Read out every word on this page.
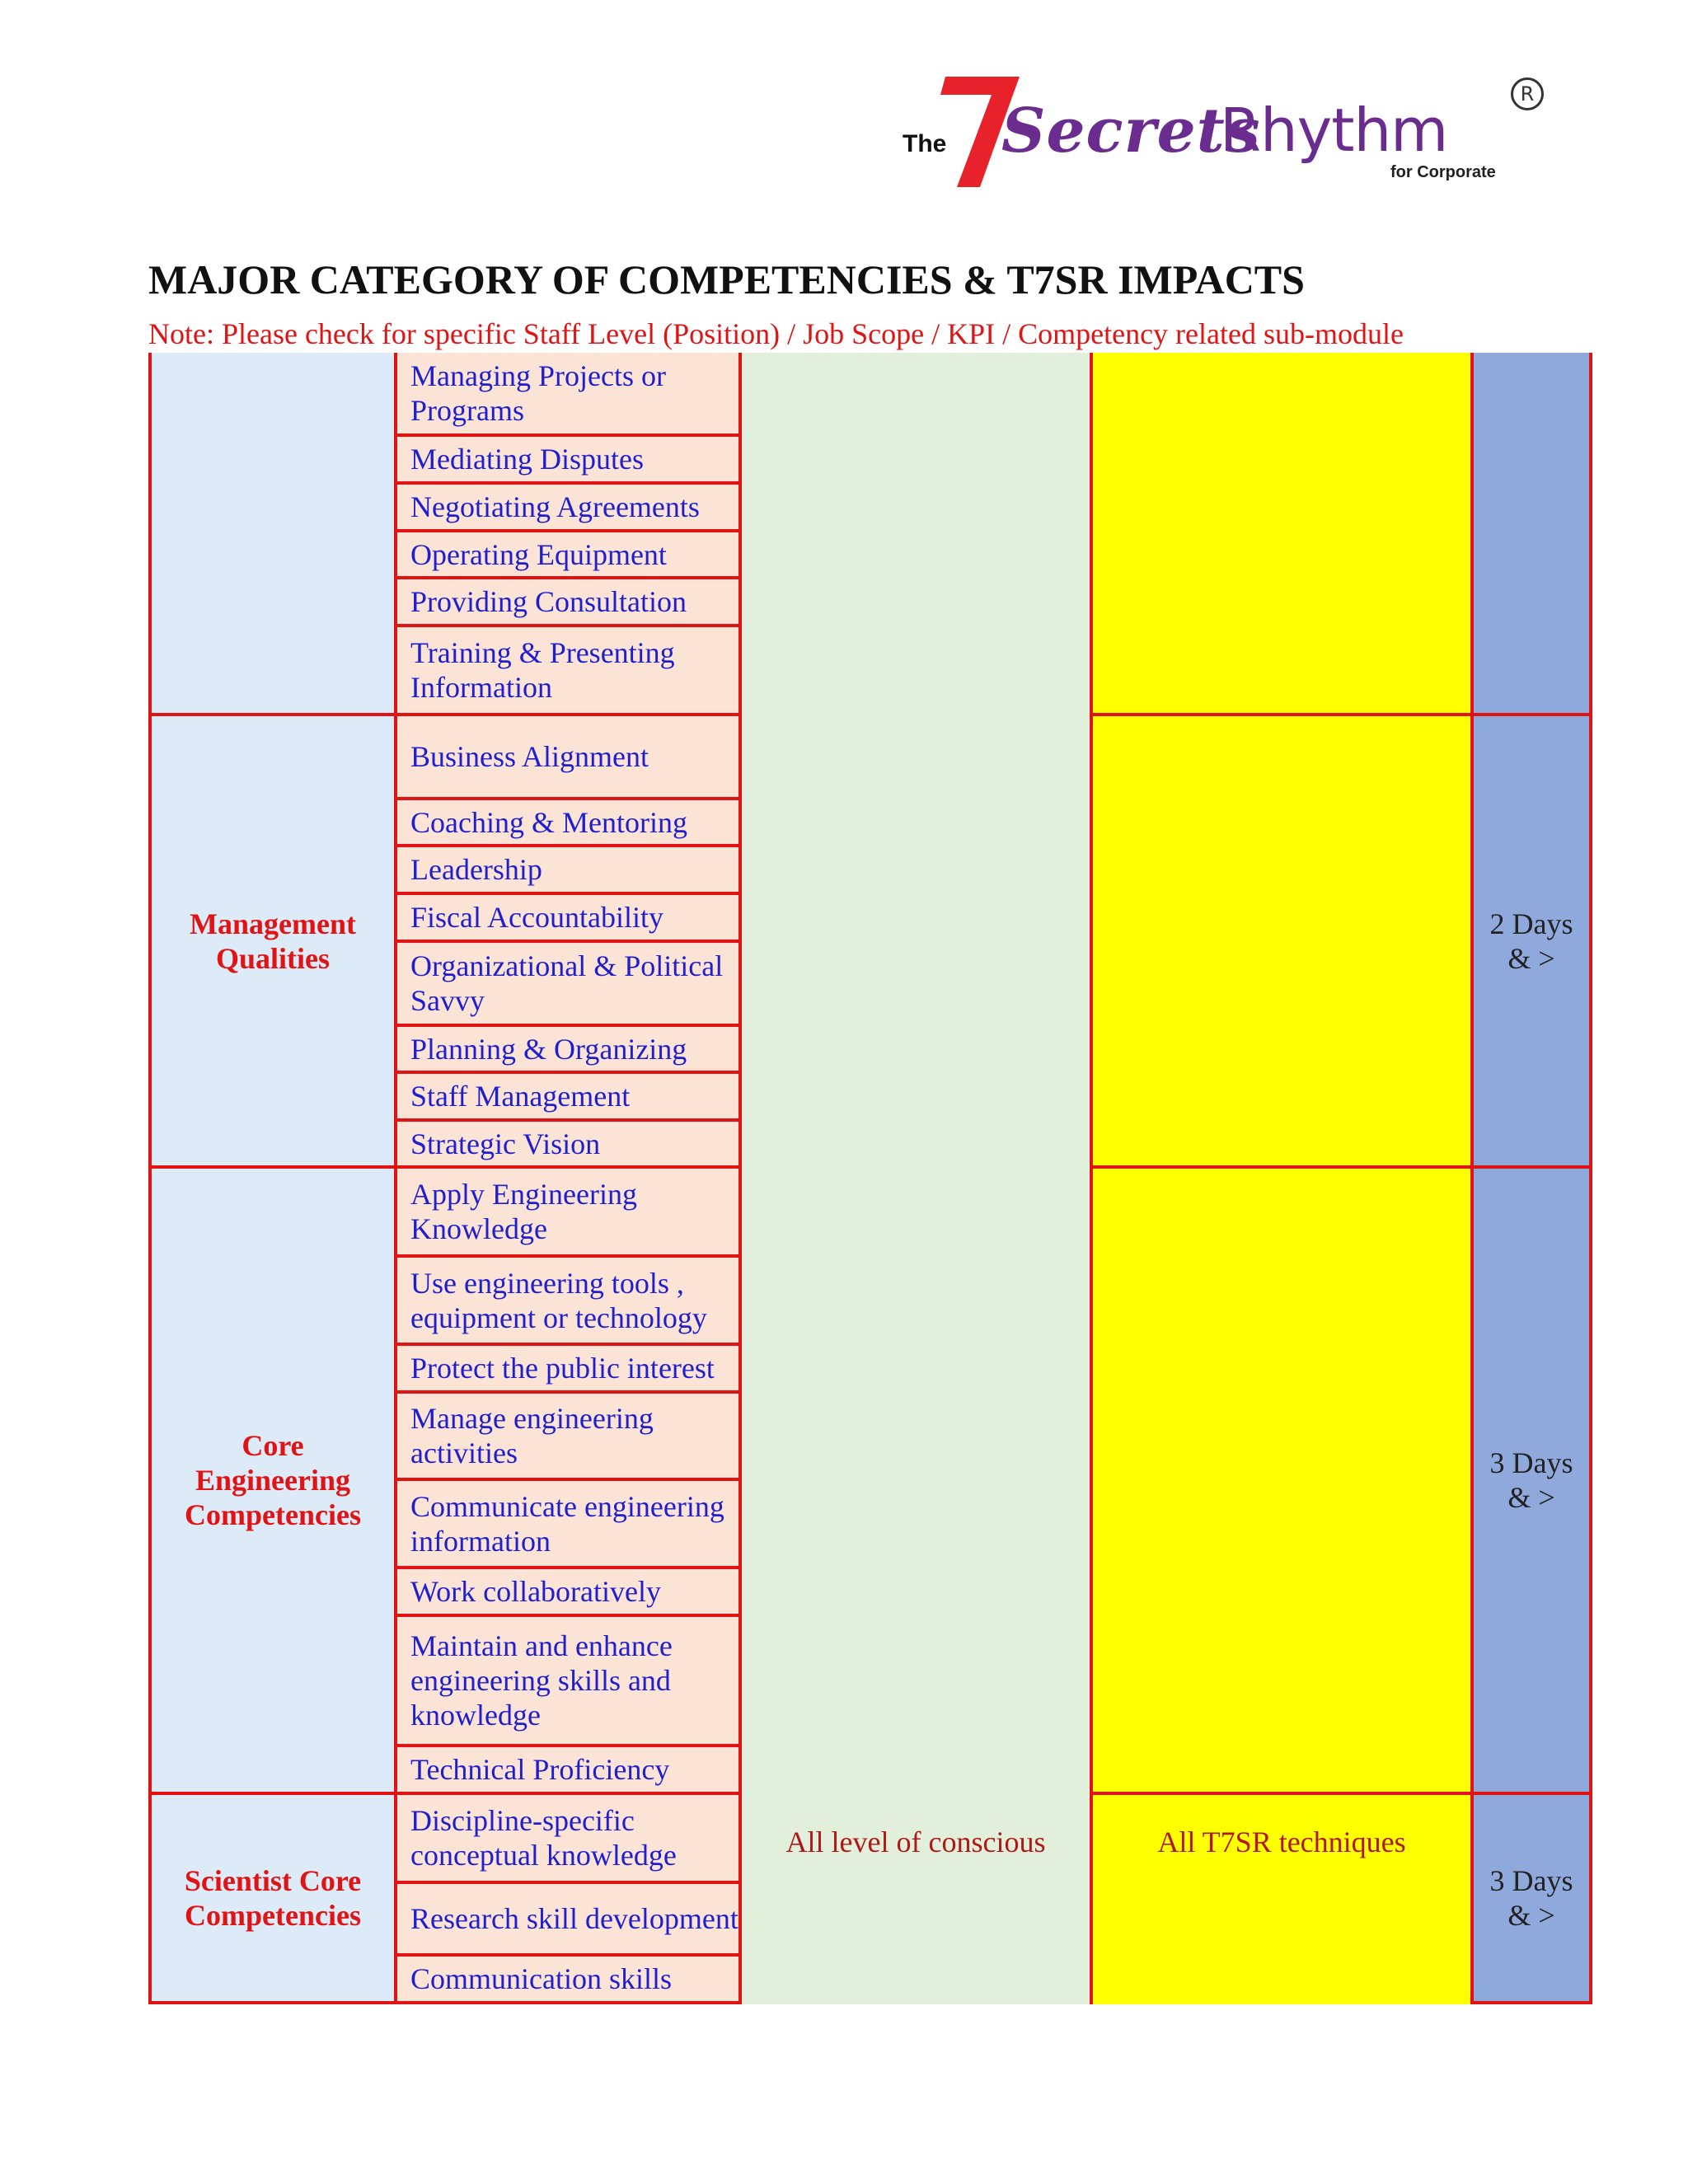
The Secrets
Rhythm
R
for Corporate
MAJOR CATEGORY OF COMPETENCIES & T7SR IMPACTS
Note: Please check for specific Staff Level (Position) / Job Scope / KPI / Competency related sub-module
Management
Qualities
Core
Engineering
Competencies
Scientist Core
Competencies
Managing Projects or Programs
Mediating Disputes
Negotiating Agreements
Operating Equipment
Providing Consultation
Training & Presenting Information
Business Alignment
Coaching & Mentoring
Leadership
Fiscal Accountability
Organizational & Political Savvy
Planning & Organizing
Staff Management
Strategic Vision
Apply Engineering Knowledge
Use engineering tools , equipment or technology
Protect the public interest
Manage engineering activities
Communicate engineering information
Work collaboratively
Maintain and enhance engineering skills and knowledge
Technical Proficiency
Discipline-specific conceptual knowledge
Research skill development
Communication skills
All level of conscious	All T7SR techniques
2 Days
& >
3 Days
& >
3 Days
& >
